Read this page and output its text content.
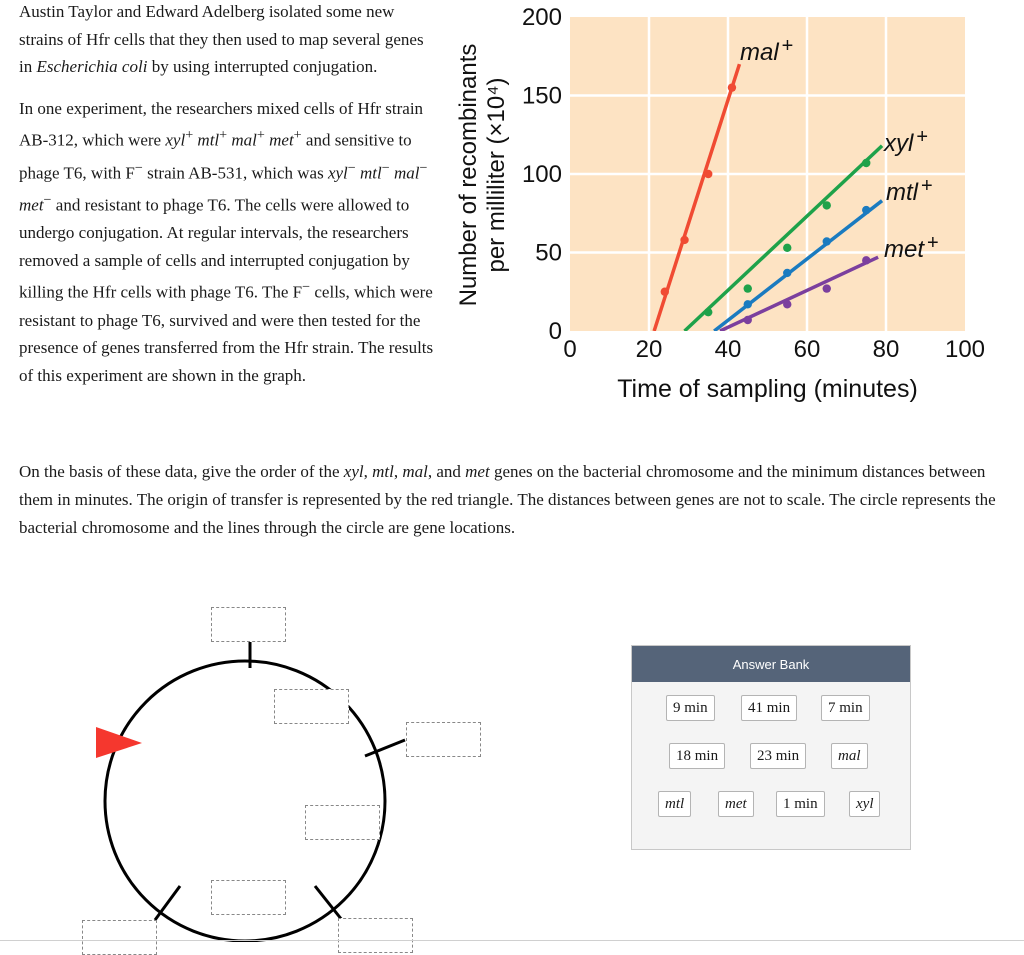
Austin Taylor and Edward Adelberg isolated some new strains of Hfr cells that they then used to map several genes in Escherichia coli by using interrupted conjugation.

In one experiment, the researchers mixed cells of Hfr strain AB-312, which were xyl+ mtl+ mal+ met+ and sensitive to phage T6, with F− strain AB-531, which was xyl− mtl− mal− met− and resistant to phage T6. The cells were allowed to undergo conjugation. At regular intervals, the researchers removed a sample of cells and interrupted conjugation by killing the Hfr cells with phage T6. The F− cells, which were resistant to phage T6, survived and were then tested for the presence of genes transferred from the Hfr strain. The results of this experiment are shown in the graph.

0 20 40 60 80 100
0
50
100
150
200
mal +
xyl +
mtl +
met +
Number of recombinants per milliliter (×10⁴)
Time of sampling (minutes)

On the basis of these data, give the order of the xyl, mtl, mal, and met genes on the bacterial chromosome and the minimum distances between them in minutes. The origin of transfer is represented by the red triangle. The distances between genes are not to scale. The circle represents the bacterial chromosome and the lines through the circle are gene locations.

Answer Bank
9 min	41 min	7 min
18 min	23 min	mal
mtl	met	1 min	xyl
